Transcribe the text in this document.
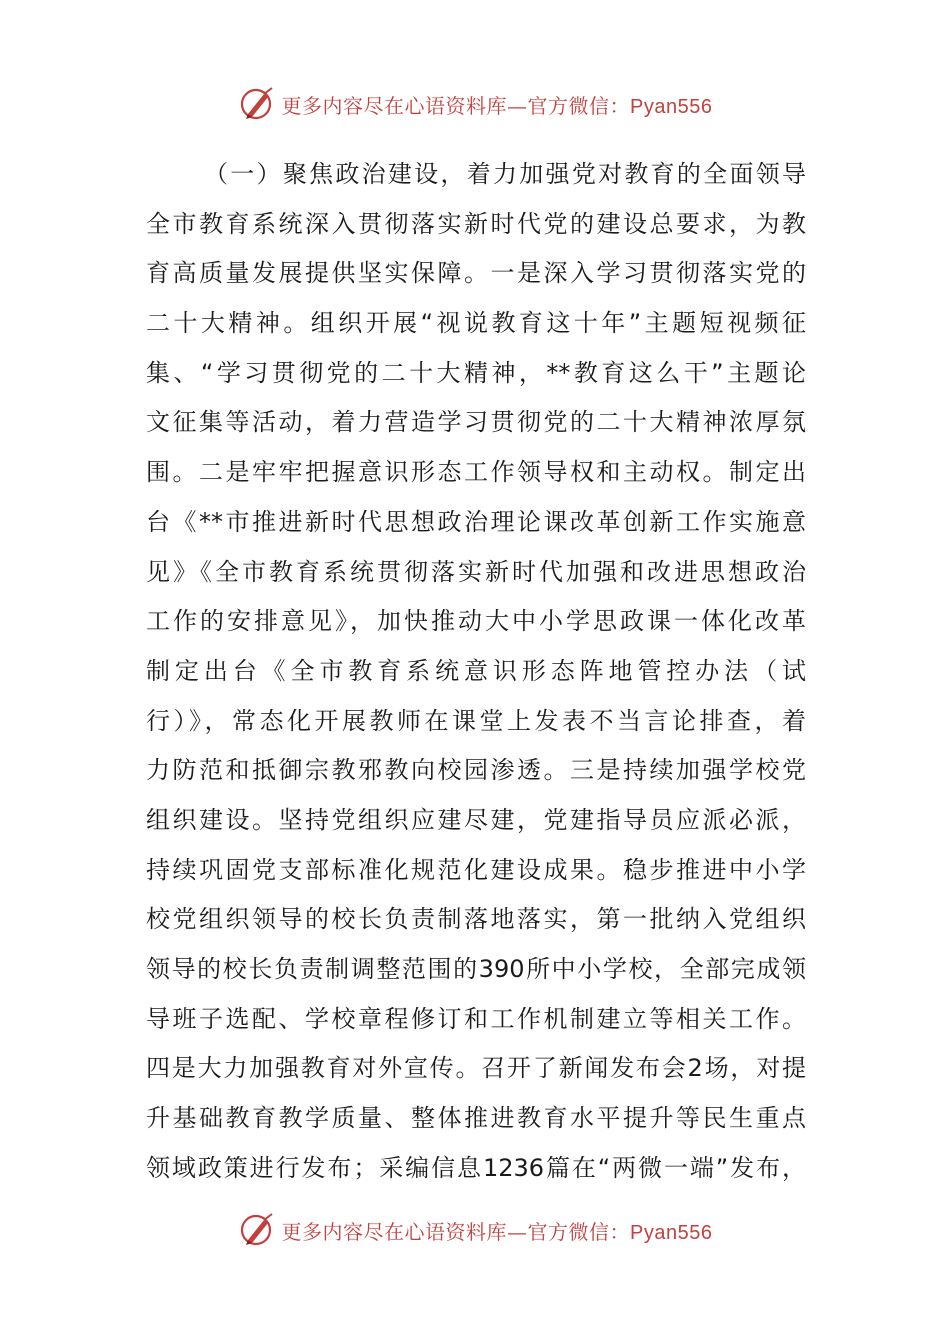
更多内容尽在心语资料库—官方微信：Pyan556
（一）聚焦政治建设，着力加强党对教育的全面领导
全市教育系统深入贯彻落实新时代党的建设总要求，为教
育高质量发展提供坚实保障。一是深入学习贯彻落实党的
二十大精神。组织开展“视说教育这十年”主题短视频征
集、“学习贯彻党的二十大精神，**教育这么干”主题论
文征集等活动，着力营造学习贯彻党的二十大精神浓厚氛
围。二是牢牢把握意识形态工作领导权和主动权。制定出
台《**市推进新时代思想政治理论课改革创新工作实施意
见》《全市教育系统贯彻落实新时代加强和改进思想政治
工作的安排意见》，加快推动大中小学思政课一体化改革
制定出台《全市教育系统意识形态阵地管控办法（试
行）》，常态化开展教师在课堂上发表不当言论排查，着
力防范和抵御宗教邪教向校园渗透。三是持续加强学校党
组织建设。坚持党组织应建尽建，党建指导员应派必派，
持续巩固党支部标准化规范化建设成果。稳步推进中小学
校党组织领导的校长负责制落地落实，第一批纳入党组织
领导的校长负责制调整范围的390所中小学校，全部完成领
导班子选配、学校章程修订和工作机制建立等相关工作。
四是大力加强教育对外宣传。召开了新闻发布会2场，对提
升基础教育教学质量、整体推进教育水平提升等民生重点
领域政策进行发布；采编信息1236篇在“两微一端”发布，
更多内容尽在心语资料库—官方微信：Pyan556
